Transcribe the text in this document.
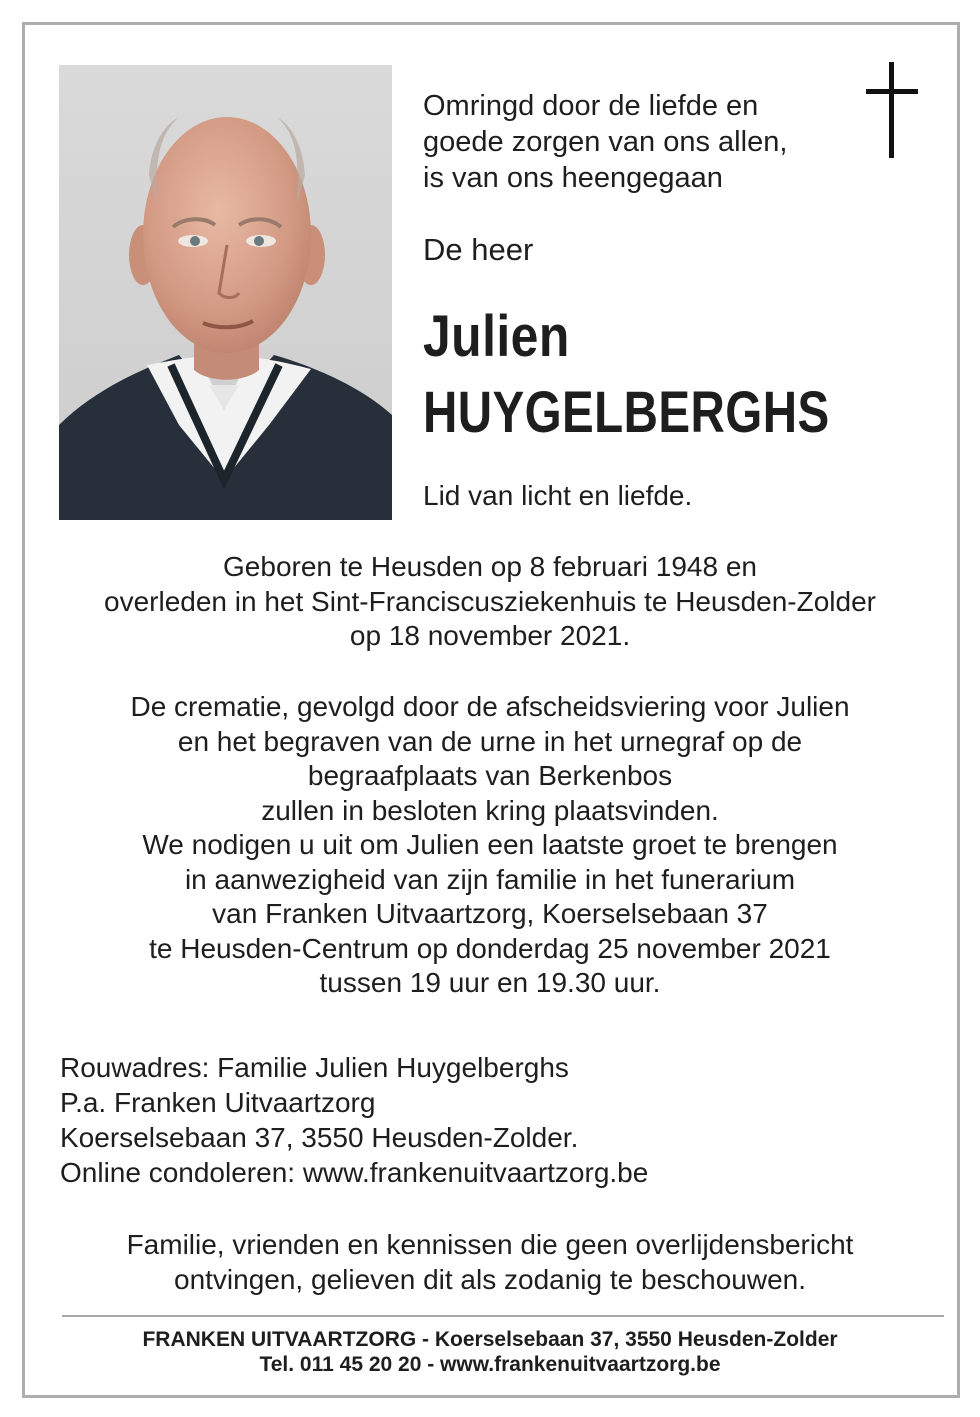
Omringd door de liefde en
goede zorgen van ons allen,
is van ons heengegaan

De heer

Julien

HUYGELBERGHS

Lid van licht en liefde.

Geboren te Heusden op 8 februari 1948 en
overleden in het Sint-Franciscusziekenhuis te Heusden-Zolder
op 18 november 2021.

De crematie, gevolgd door de afscheidsviering voor Julien
en het begraven van de urne in het urnegraf op de
begraafplaats van Berkenbos
zullen in besloten kring plaatsvinden.
We nodigen u uit om Julien een laatste groet te brengen
in aanwezigheid van zijn familie in het funerarium
van Franken Uitvaartzorg, Koerselsebaan 37
te Heusden-Centrum op donderdag 25 november 2021
tussen 19 uur en 19.30 uur.

Rouwadres: Familie Julien Huygelberghs
P.a. Franken Uitvaartzorg
Koerselsebaan 37, 3550 Heusden-Zolder.
Online condoleren: www.frankenuitvaartzorg.be

Familie, vrienden en kennissen die geen overlijdensbericht
ontvingen, gelieven dit als zodanig te beschouwen.

FRANKEN UITVAARTZORG - Koerselsebaan 37, 3550 Heusden-Zolder

Tel. 011 45 20 20 - www.frankenuitvaartzorg.be
